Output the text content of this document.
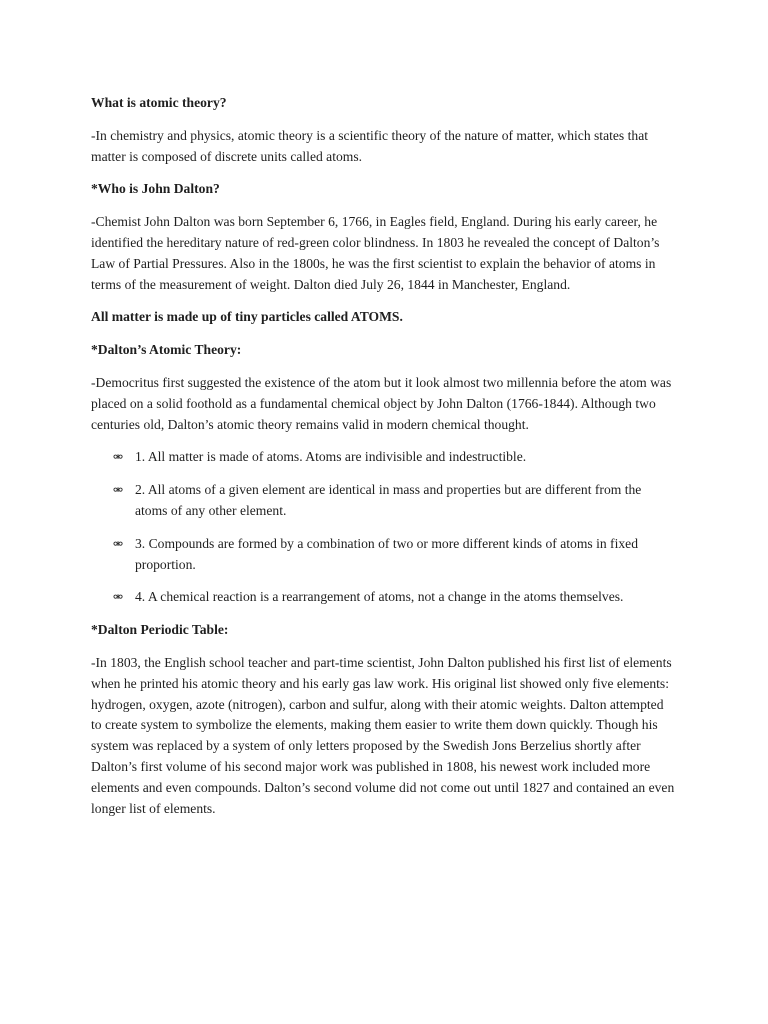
What is atomic theory?

-In chemistry and physics, atomic theory is a scientific theory of the nature of matter, which states that matter is composed of discrete units called atoms.

*Who is John Dalton?

-Chemist John Dalton was born September 6, 1766, in Eagles field, England. During his early career, he identified the hereditary nature of red-green color blindness. In 1803 he revealed the concept of Dalton’s Law of Partial Pressures. Also in the 1800s, he was the first scientist to explain the behavior of atoms in terms of the measurement of weight. Dalton died July 26, 1844 in Manchester, England.

All matter is made up of tiny particles called ATOMS.

*Dalton’s Atomic Theory:

-Democritus first suggested the existence of the atom but it look almost two millennia before the atom was placed on a solid foothold as a fundamental chemical object by John Dalton (1766-1844). Although two centuries old, Dalton’s atomic theory remains valid in modern chemical thought.

⚮ 1. All matter is made of atoms. Atoms are indivisible and indestructible.
⚮ 2. All atoms of a given element are identical in mass and properties but are different from the atoms of any other element.
⚮ 3. Compounds are formed by a combination of two or more different kinds of atoms in fixed proportion.
⚮ 4. A chemical reaction is a rearrangement of atoms, not a change in the atoms themselves.

*Dalton Periodic Table:

-In 1803, the English school teacher and part-time scientist, John Dalton published his first list of elements when he printed his atomic theory and his early gas law work. His original list showed only five elements: hydrogen, oxygen, azote (nitrogen), carbon and sulfur, along with their atomic weights. Dalton attempted to create system to symbolize the elements, making them easier to write them down quickly. Though his system was replaced by a system of only letters proposed by the Swedish Jons Berzelius shortly after Dalton’s first volume of his second major work was published in 1808, his newest work included more elements and even compounds. Dalton’s second volume did not come out until 1827 and contained an even longer list of elements.
